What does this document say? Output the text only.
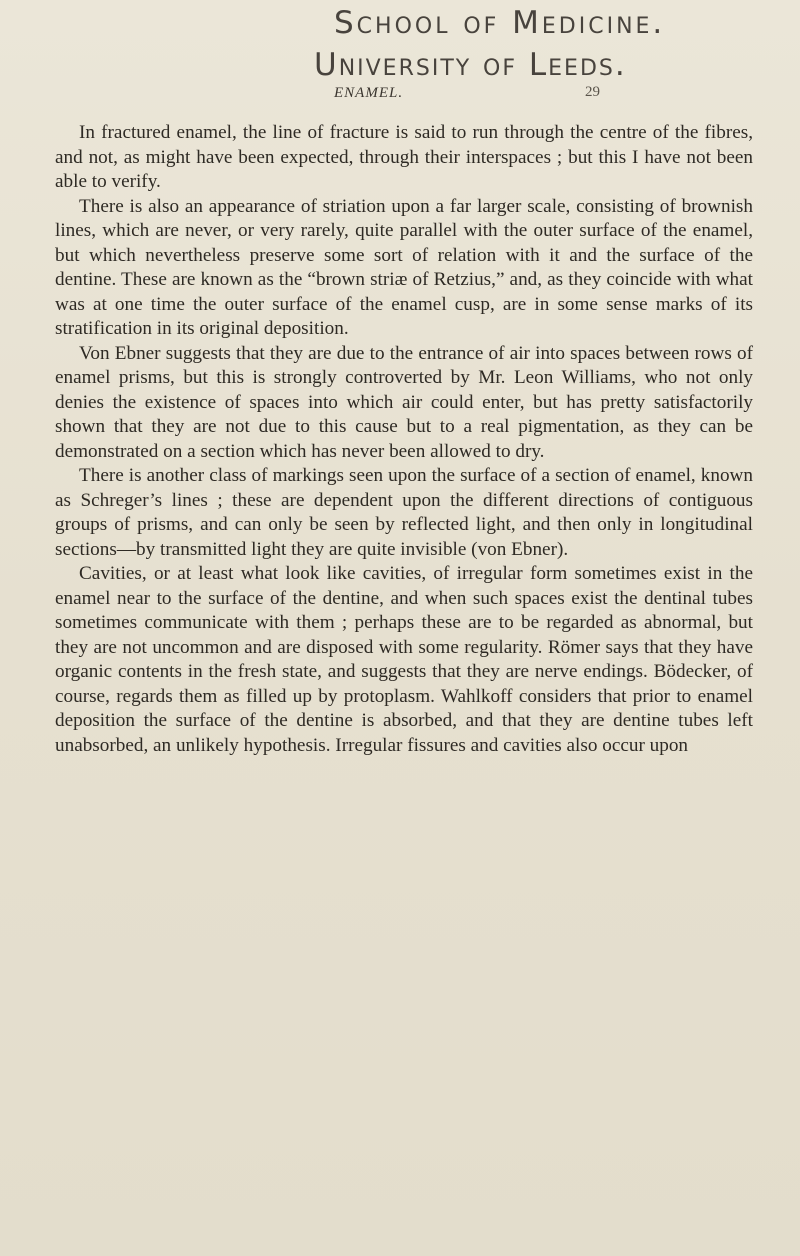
School of Medicine.
University of Leeds.
ENAMEL.	29

In fractured enamel, the line of fracture is said to run through the centre of the fibres, and not, as might have been expected, through their interspaces ; but this I have not been able to verify.

There is also an appearance of striation upon a far larger scale, consisting of brownish lines, which are never, or very rarely, quite parallel with the outer surface of the enamel, but which nevertheless preserve some sort of relation with it and the surface of the dentine. These are known as the “brown striæ of Retzius,” and, as they coincide with what was at one time the outer surface of the enamel cusp, are in some sense marks of its stratification in its original deposition.

Von Ebner suggests that they are due to the entrance of air into spaces between rows of enamel prisms, but this is strongly controverted by Mr. Leon Williams, who not only denies the existence of spaces into which air could enter, but has pretty satisfactorily shown that they are not due to this cause but to a real pigmentation, as they can be demonstrated on a section which has never been allowed to dry.

There is another class of markings seen upon the surface of a section of enamel, known as Schreger’s lines ; these are dependent upon the different directions of contiguous groups of prisms, and can only be seen by reflected light, and then only in longitudinal sections—by transmitted light they are quite invisible (von Ebner).

Cavities, or at least what look like cavities, of irregular form sometimes exist in the enamel near to the surface of the dentine, and when such spaces exist the dentinal tubes sometimes communicate with them ; perhaps these are to be regarded as abnormal, but they are not uncommon and are disposed with some regularity. Römer says that they have organic contents in the fresh state, and suggests that they are nerve endings. Bödecker, of course, regards them as filled up by protoplasm. Wahlkoff considers that prior to enamel deposition the surface of the dentine is absorbed, and that they are dentine tubes left unabsorbed, an unlikely hypothesis. Irregular fissures and cavities also occur upon
